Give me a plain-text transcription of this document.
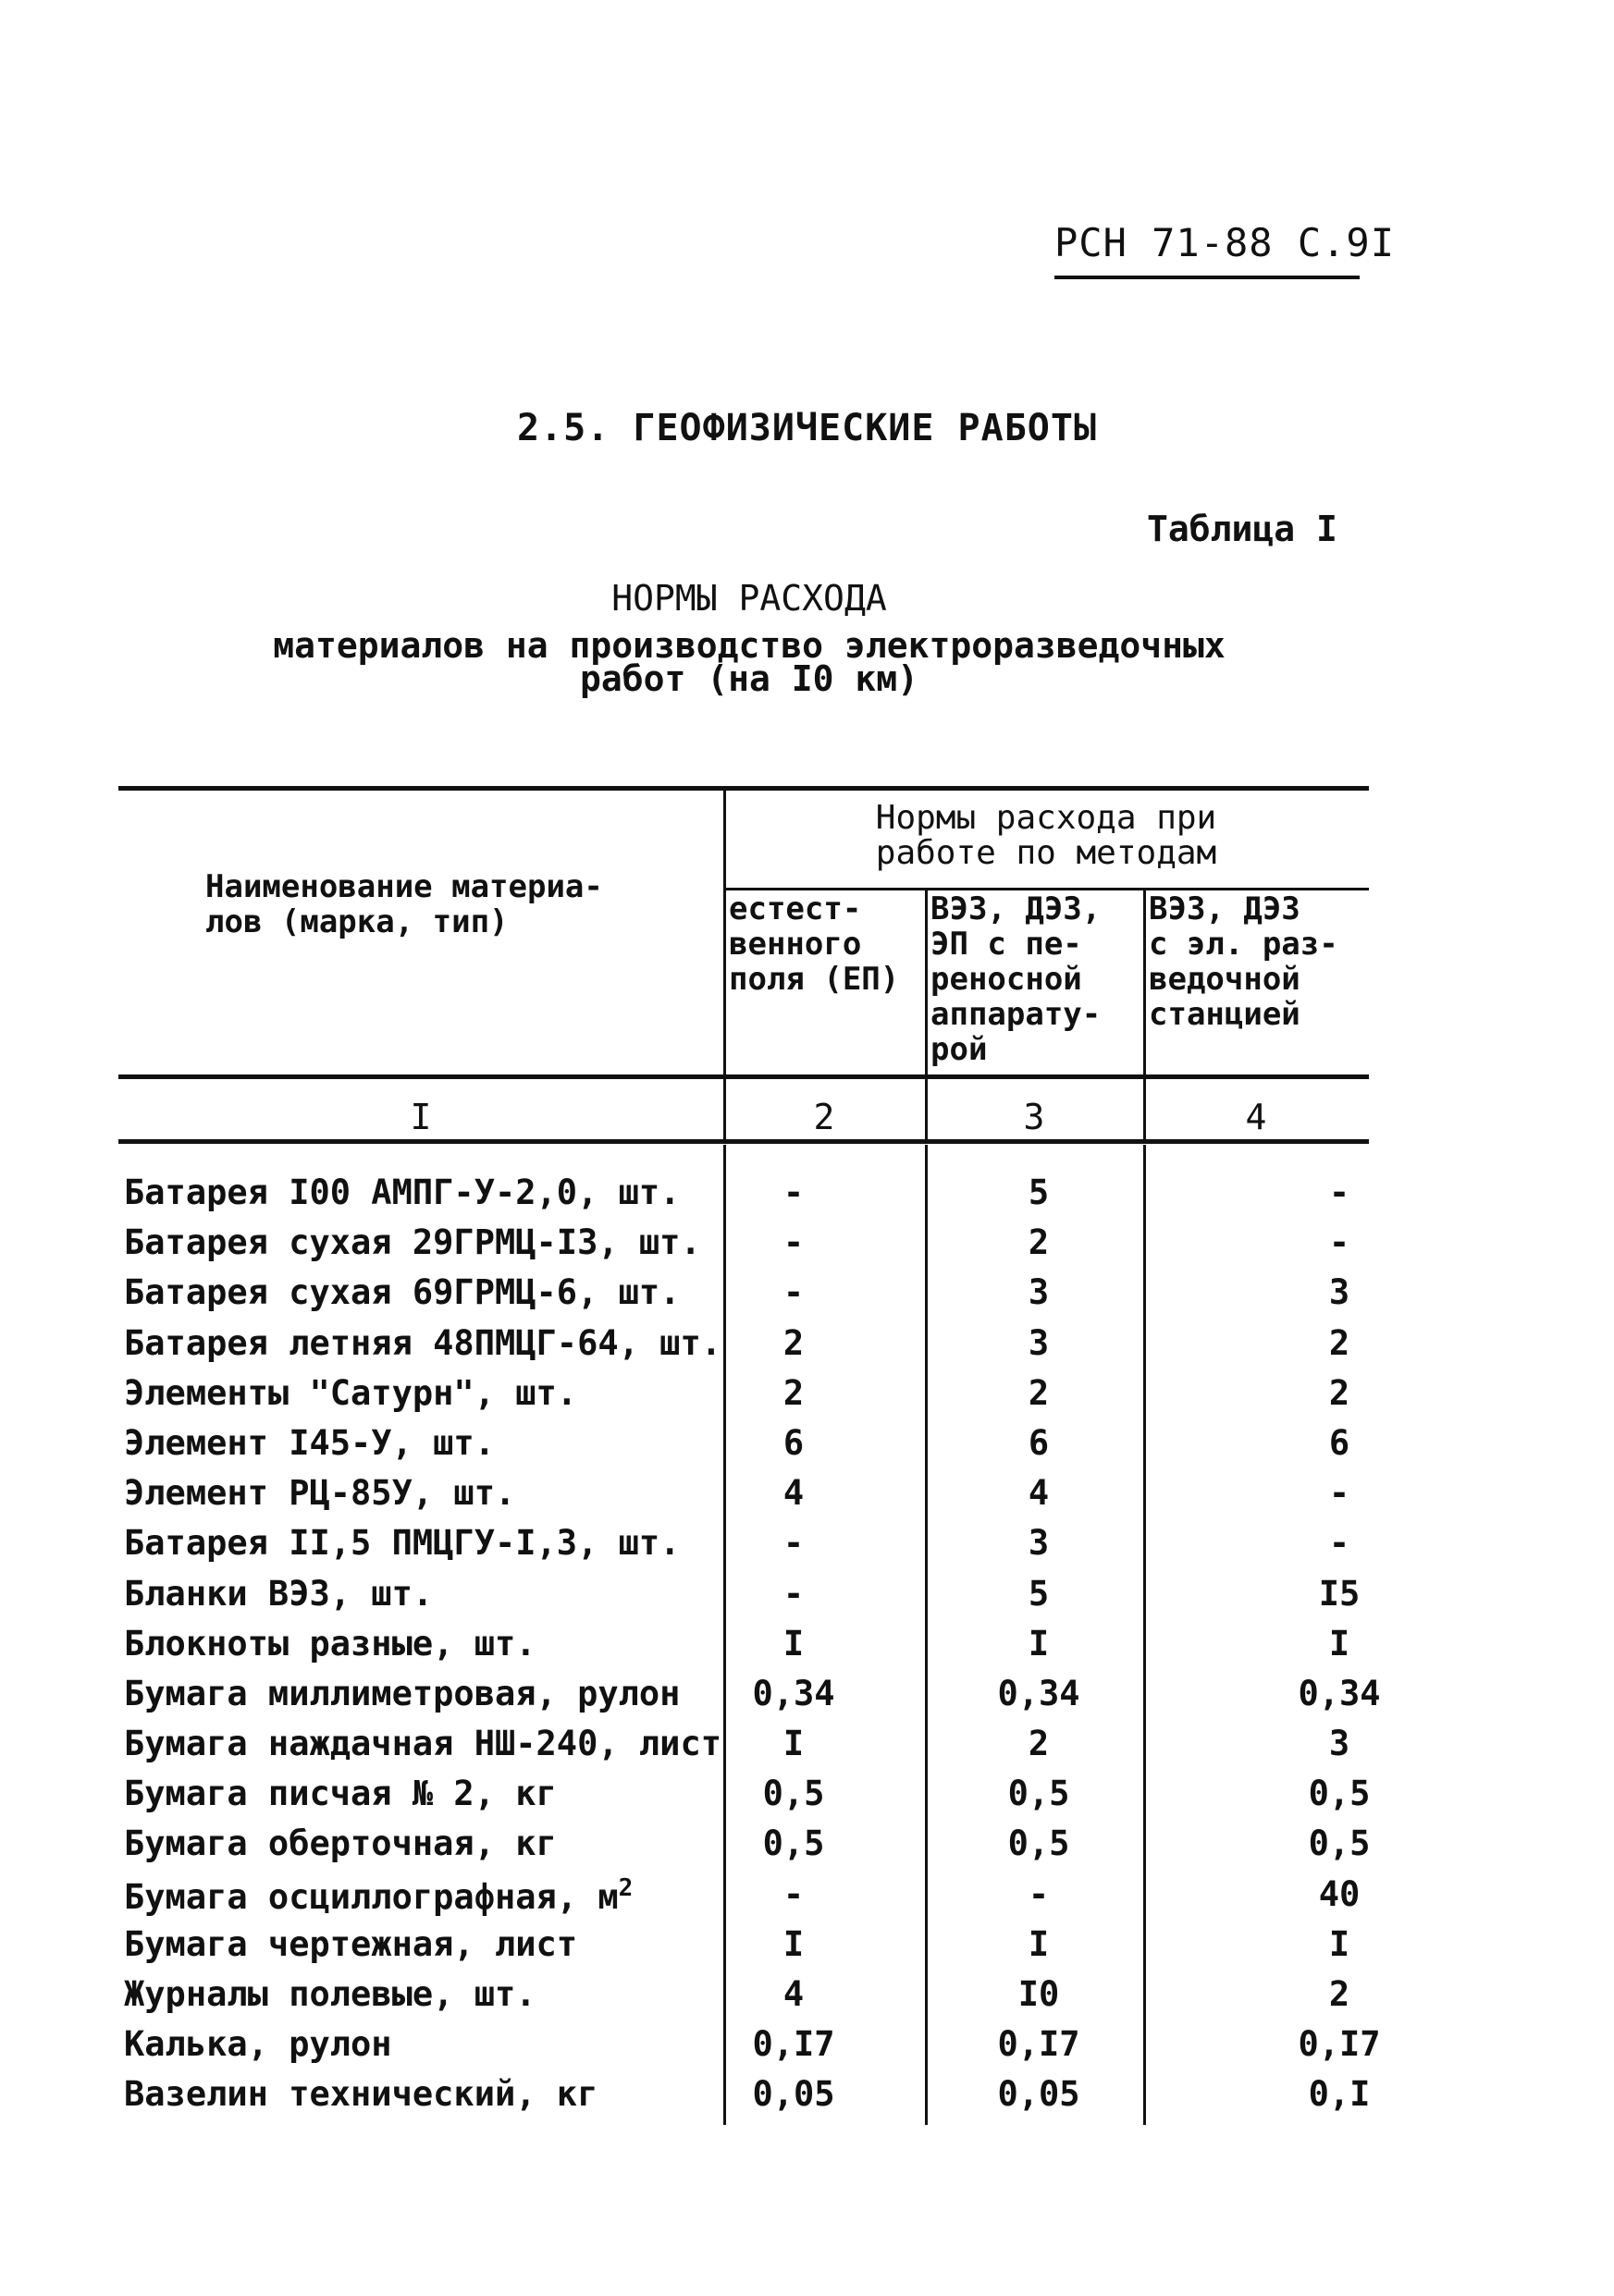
РСН 71-88 С.9I
2.5. ГЕОФИЗИЧЕСКИЕ РАБОТЫ
Таблица I
НОРМЫ РАСХОДА
материалов на производство электроразведочных
работ (на I0 км)
Наименование материа-
лов (марка, тип)
Нормы расхода при
работе по методам
естест-
венного
поля (ЕП)
ВЭЗ, ДЭЗ,
ЭП с пе-
реносной
аппарату-
рой
ВЭЗ, ДЭЗ
с эл. раз-
ведочной
станцией
I	2	3	4
Батарея I00 АМПГ-У-2,0, шт.	-	5	-
Батарея сухая 29ГРМЦ-I3, шт.	-	2	-
Батарея сухая 69ГРМЦ-6, шт.	-	3	3
Батарея летняя 48ПМЦГ-64, шт.	2	3	2
Элементы "Сатурн", шт.	2	2	2
Элемент I45-У, шт.	6	6	6
Элемент РЦ-85У, шт.	4	4	-
Батарея II,5 ПМЦГУ-I,3, шт.	-	3	-
Бланки ВЭЗ, шт.	-	5	I5
Блокноты разные, шт.	I	I	I
Бумага миллиметровая, рулон	0,34	0,34	0,34
Бумага наждачная НШ-240, лист	I	2	3
Бумага писчая № 2, кг	0,5	0,5	0,5
Бумага оберточная, кг	0,5	0,5	0,5
Бумага осциллографная, $м^2$	-	-	40
Бумага чертежная, лист	I	I	I
Журналы полевые, шт.	4	I0	2
Калька, рулон	0,I7	0,I7	0,I7
Вазелин технический, кг	0,05	0,05	0,I
